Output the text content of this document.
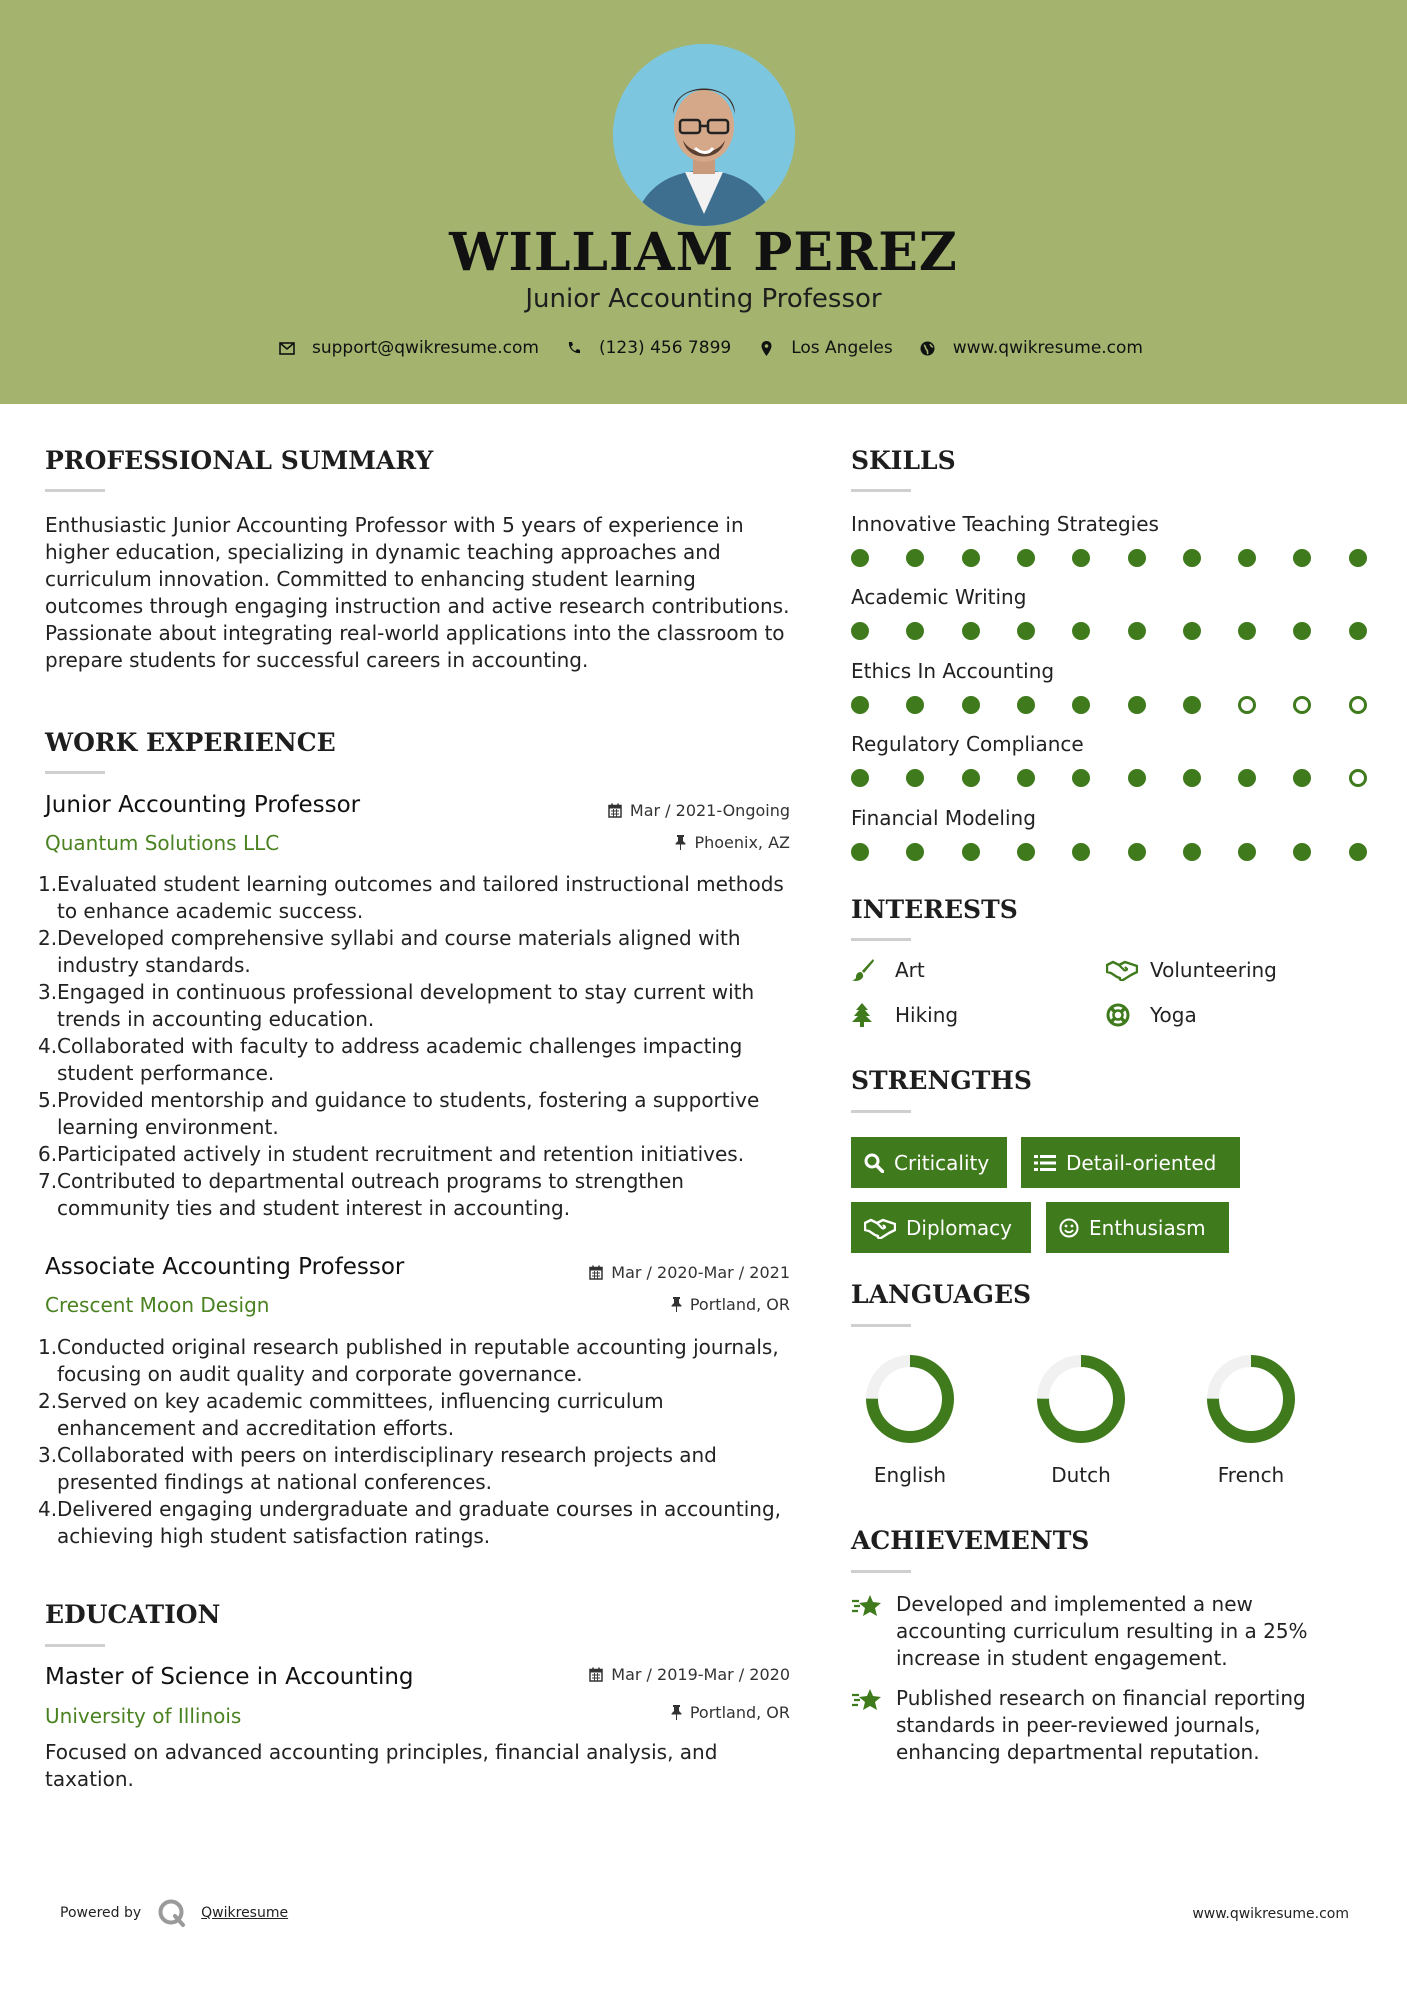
WILLIAM PEREZ
Junior Accounting Professor
support@qwikresume.com	(123) 456 7899	Los Angeles	www.qwikresume.com
PROFESSIONAL SUMMARY
Enthusiastic Junior Accounting Professor with 5 years of experience in higher education, specializing in dynamic teaching approaches and curriculum innovation. Committed to enhancing student learning outcomes through engaging instruction and active research contributions. Passionate about integrating real-world applications into the classroom to prepare students for successful careers in accounting.
WORK EXPERIENCE
Junior Accounting Professor
Quantum Solutions LLC
Mar / 2021-Ongoing
Phoenix, AZ
1. Evaluated student learning outcomes and tailored instructional methods to enhance academic success.
2. Developed comprehensive syllabi and course materials aligned with industry standards.
3. Engaged in continuous professional development to stay current with trends in accounting education.
4. Collaborated with faculty to address academic challenges impacting student performance.
5. Provided mentorship and guidance to students, fostering a supportive learning environment.
6. Participated actively in student recruitment and retention initiatives.
7. Contributed to departmental outreach programs to strengthen community ties and student interest in accounting.
Associate Accounting Professor
Crescent Moon Design
Mar / 2020-Mar / 2021
Portland, OR
1. Conducted original research published in reputable accounting journals, focusing on audit quality and corporate governance.
2. Served on key academic committees, influencing curriculum enhancement and accreditation efforts.
3. Collaborated with peers on interdisciplinary research projects and presented findings at national conferences.
4. Delivered engaging undergraduate and graduate courses in accounting, achieving high student satisfaction ratings.
EDUCATION
Master of Science in Accounting
University of Illinois
Mar / 2019-Mar / 2020
Portland, OR
Focused on advanced accounting principles, financial analysis, and taxation.
SKILLS
Innovative Teaching Strategies
Academic Writing
Ethics In Accounting
Regulatory Compliance
Financial Modeling
INTERESTS
Art	Volunteering
Hiking	Yoga
STRENGTHS
Criticality	Detail-oriented
Diplomacy	Enthusiasm
LANGUAGES
English	Dutch	French
ACHIEVEMENTS
Developed and implemented a new accounting curriculum resulting in a 25% increase in student engagement.
Published research on financial reporting standards in peer-reviewed journals, enhancing departmental reputation.
Powered by	Qwikresume	www.qwikresume.com
